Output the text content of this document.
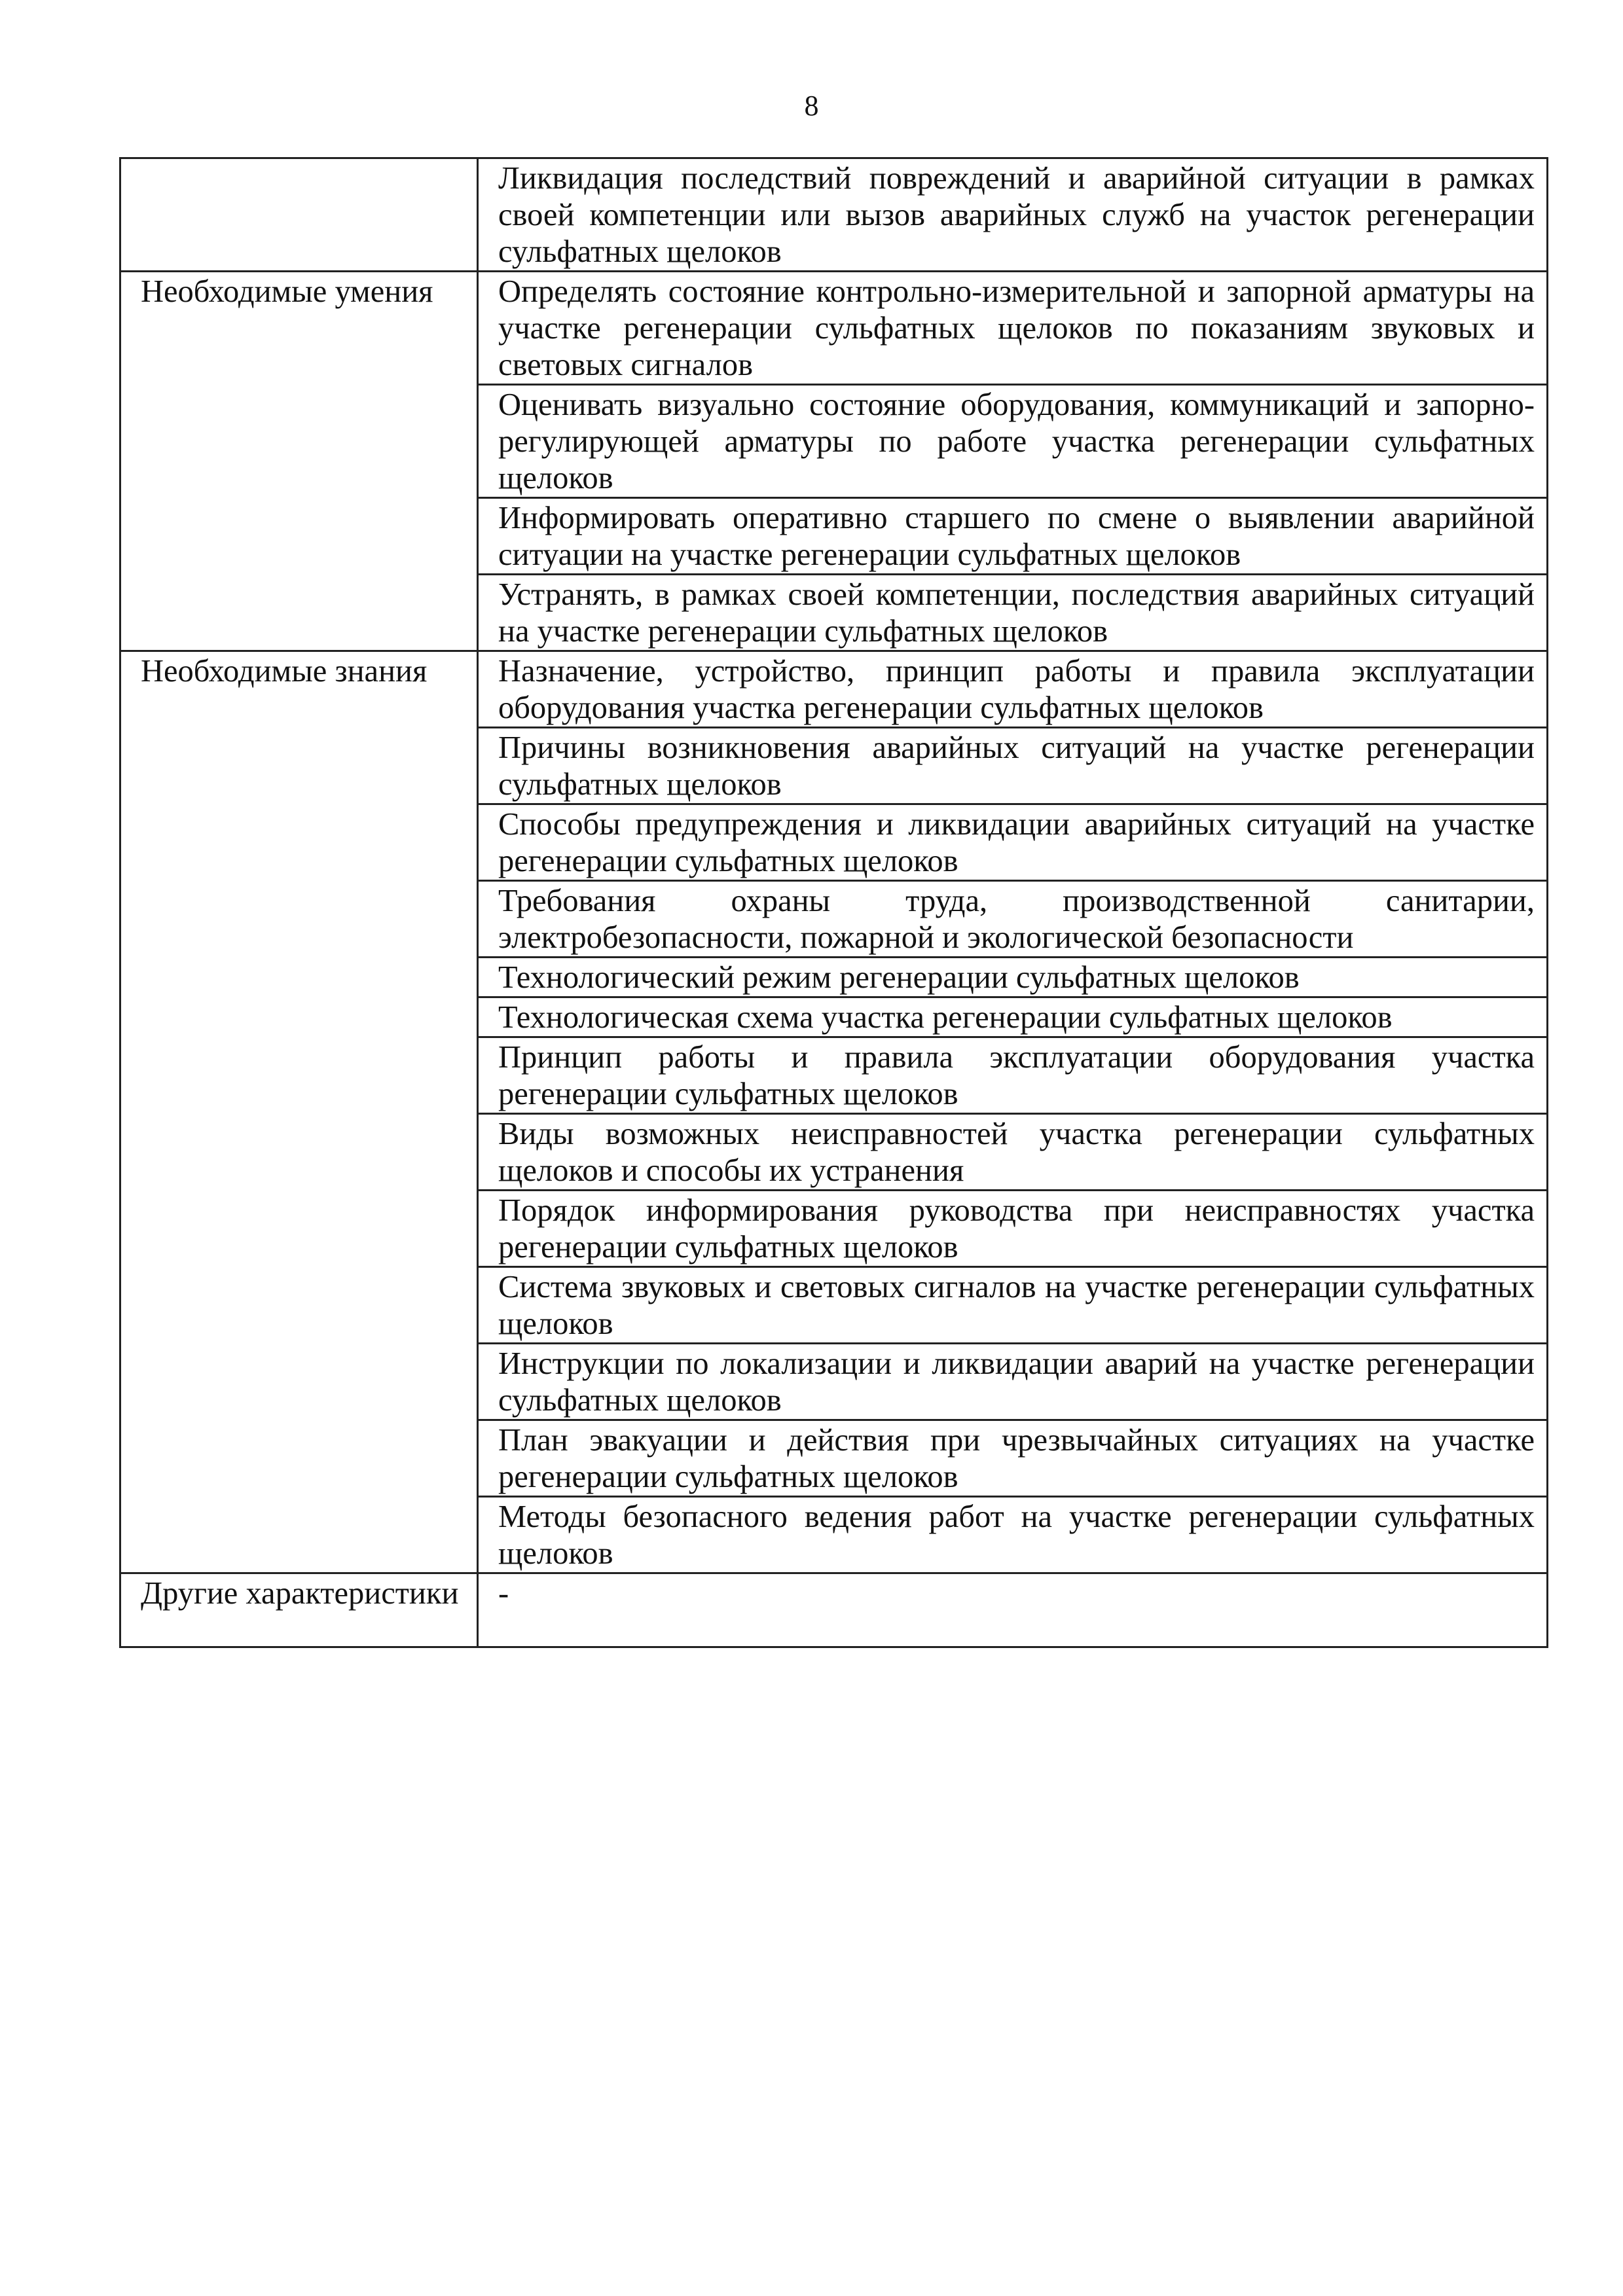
8
	Ликвидация последствий повреждений и аварийной ситуации в рамках своей компетенции или вызов аварийных служб на участок регенерации сульфатных щелоков
Необходимые умения	Определять состояние контрольно-измерительной и запорной арматуры на участке регенерации сульфатных щелоков по показаниям звуковых и световых сигналов
	Оценивать визуально состояние оборудования, коммуникаций и запорно-регулирующей арматуры по работе участка регенерации сульфатных щелоков
	Информировать оперативно старшего по смене о выявлении аварийной ситуации на участке регенерации сульфатных щелоков
	Устранять, в рамках своей компетенции, последствия аварийных ситуаций на участке регенерации сульфатных щелоков
Необходимые знания	Назначение, устройство, принцип работы и правила эксплуатации оборудования участка регенерации сульфатных щелоков
	Причины возникновения аварийных ситуаций на участке регенерации сульфатных щелоков
	Способы предупреждения и ликвидации аварийных ситуаций на участке регенерации сульфатных щелоков
	Требования охраны труда, производственной санитарии, электробезопасности, пожарной и экологической безопасности
	Технологический режим регенерации сульфатных щелоков
	Технологическая схема участка регенерации сульфатных щелоков
	Принцип работы и правила эксплуатации оборудования участка регенерации сульфатных щелоков
	Виды возможных неисправностей участка регенерации сульфатных щелоков и способы их устранения
	Порядок информирования руководства при неисправностях участка регенерации сульфатных щелоков
	Система звуковых и световых сигналов на участке регенерации сульфатных щелоков
	Инструкции по локализации и ликвидации аварий на участке регенерации сульфатных щелоков
	План эвакуации и действия при чрезвычайных ситуациях на участке регенерации сульфатных щелоков
	Методы безопасного ведения работ на участке регенерации сульфатных щелоков
Другие характеристики	-
